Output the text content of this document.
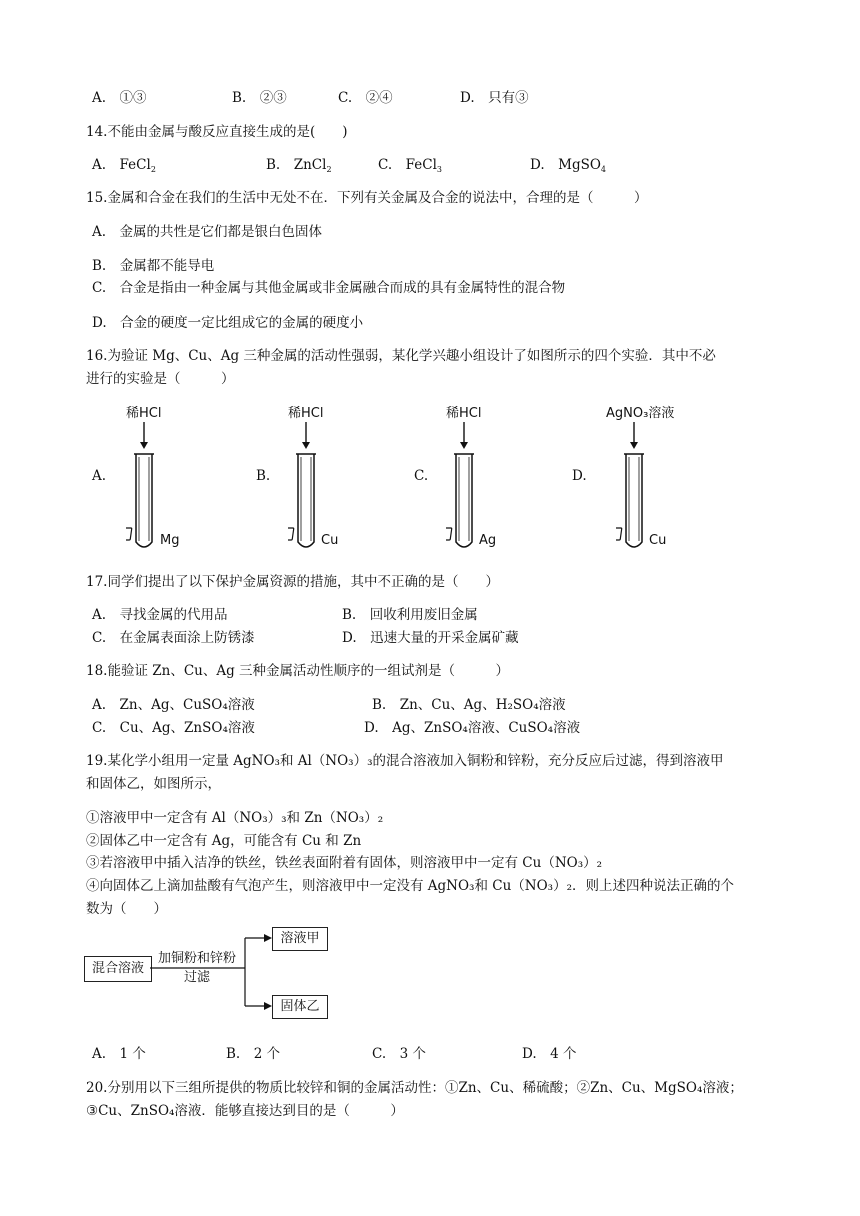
A.　①③	B.　②③	C.　②④	D.　只有③
14.不能由金属与酸反应直接生成的是(　　)
A.　FeCl$_2$	B.　ZnCl$_2$	C.　FeCl$_3$	D.　MgSO$_4$
15.金属和合金在我们的生活中无处不在．下列有关金属及合金的说法中，合理的是（　　　）
A.　金属的共性是它们都是银白色固体
B.　金属都不能导电
C.　合金是指由一种金属与其他金属或非金属融合而成的具有金属特性的混合物
D.　合金的硬度一定比组成它的金属的硬度小
16.为验证 Mg、Cu、Ag 三种金属的活动性强弱，某化学兴趣小组设计了如图所示的四个实验．其中不必
进行的实验是（　　　）
A.	B.	C.	D.
稀HCl
Mg
稀HCl
Cu
稀HCl
Ag
AgNO₃溶液
Cu
17.同学们提出了以下保护金属资源的措施，其中不正确的是（　　）
A.　寻找金属的代用品	B.　回收利用废旧金属
C.　在金属表面涂上防锈漆	D.　迅速大量的开采金属矿藏
18.能验证 Zn、Cu、Ag 三种金属活动性顺序的一组试剂是（　　　）
A.　Zn、Ag、CuSO₄溶液	B.　Zn、Cu、Ag、H₂SO₄溶液
C.　Cu、Ag、ZnSO₄溶液	D.　Ag、ZnSO₄溶液、CuSO₄溶液
19.某化学小组用一定量 AgNO₃和 Al（NO₃）₃的混合溶液加入铜粉和锌粉，充分反应后过滤，得到溶液甲
和固体乙，如图所示，
①溶液甲中一定含有 Al（NO₃）₃和 Zn（NO₃）₂
②固体乙中一定含有 Ag，可能含有 Cu 和 Zn
③若溶液甲中插入洁净的铁丝，铁丝表面附着有固体，则溶液甲中一定有 Cu（NO₃）₂
④向固体乙上滴加盐酸有气泡产生，则溶液甲中一定没有 AgNO₃和 Cu（NO₃）₂．则上述四种说法正确的个
数为（　　）
混合溶液
加铜粉和锌粉
过滤
溶液甲
固体乙
A.　1 个	B.　2 个	C.　3 个	D.　4 个
20.分别用以下三组所提供的物质比较锌和铜的金属活动性：①Zn、Cu、稀硫酸；②Zn、Cu、MgSO₄溶液；
③Cu、ZnSO₄溶液．能够直接达到目的是（　　　）
